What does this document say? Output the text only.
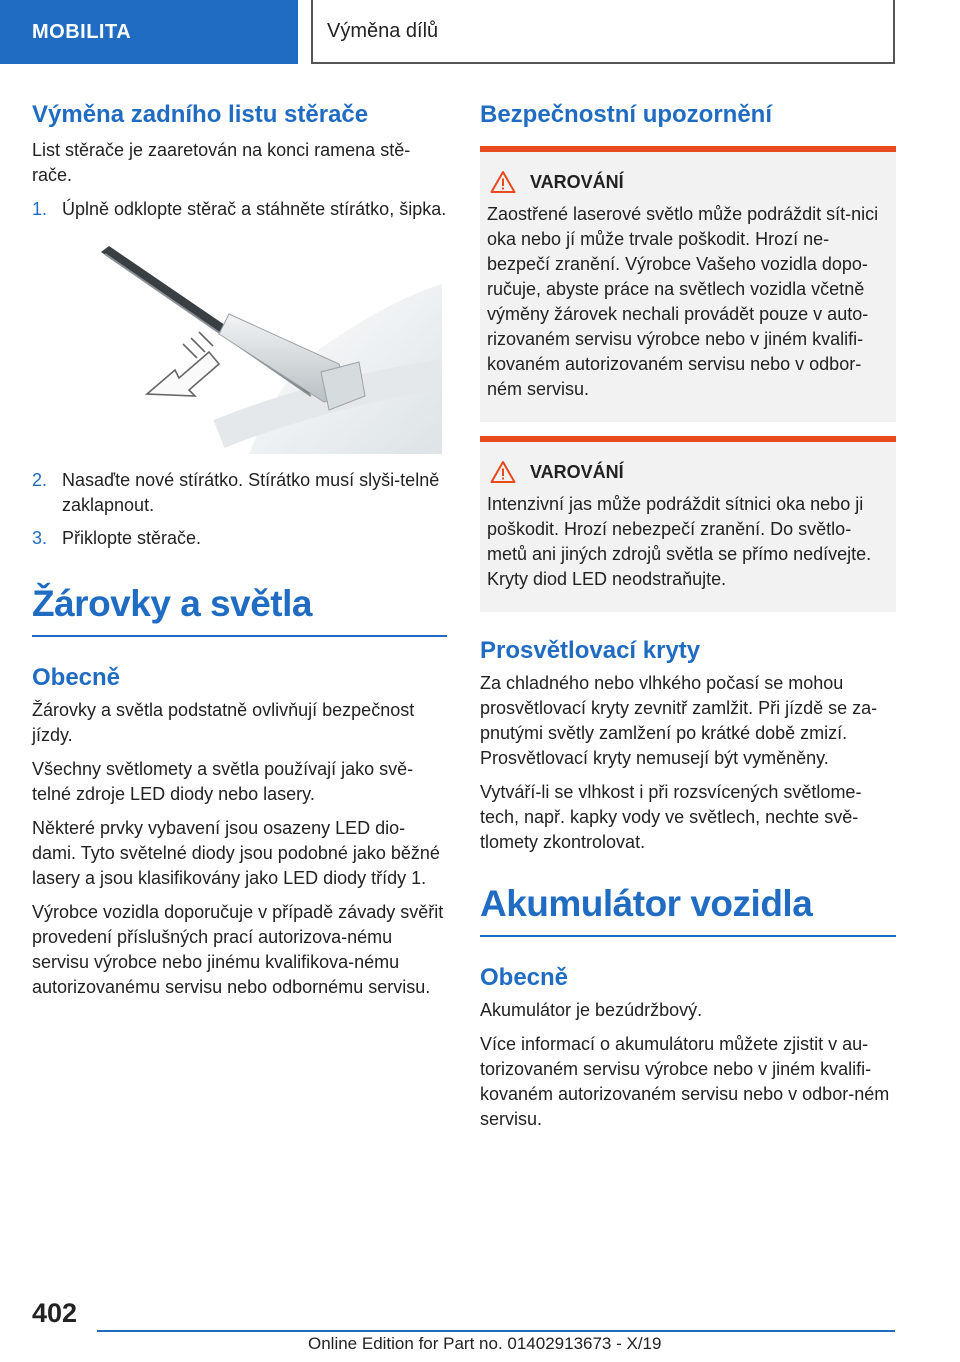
MOBILITA	Výměna dílů
Výměna zadního listu stěrače
List stěrače je zaaretován na konci ramena stě-rače.
1. Úplně odklopte stěrač a stáhněte stírátko, šipka.
2. Nasaďte nové stírátko. Stírátko musí slyši-telně zaklapnout.
3. Přiklopte stěrače.
Žárovky a světla
Obecně
Žárovky a světla podstatně ovlivňují bezpečnost jízdy.
Všechny světlomety a světla používají jako svě-telné zdroje LED diody nebo lasery.
Některé prvky vybavení jsou osazeny LED dio-dami. Tyto světelné diody jsou podobné jako běžné lasery a jsou klasifikovány jako LED diody třídy 1.
Výrobce vozidla doporučuje v případě závady svěřit provedení příslušných prací autorizova-nému servisu výrobce nebo jinému kvalifikova-nému autorizovanému servisu nebo odbornému servisu.
Bezpečnostní upozornění
VAROVÁNÍ
Zaostřené laserové světlo může podráždit sít-nici oka nebo jí může trvale poškodit. Hrozí ne-bezpečí zranění. Výrobce Vašeho vozidla dopo-ručuje, abyste práce na světlech vozidla včetně výměny žárovek nechali provádět pouze v auto-rizovaném servisu výrobce nebo v jiném kvalifi-kovaném autorizovaném servisu nebo v odbor-ném servisu.
VAROVÁNÍ
Intenzivní jas může podráždit sítnici oka nebo ji poškodit. Hrozí nebezpečí zranění. Do světlo-metů ani jiných zdrojů světla se přímo nedívejte. Kryty diod LED neodstraňujte.
Prosvětlovací kryty
Za chladného nebo vlhkého počasí se mohou prosvětlovací kryty zevnitř zamlžit. Při jízdě se za-pnutými světly zamlžení po krátké době zmizí. Prosvětlovací kryty nemusejí být vyměněny.
Vytváří-li se vlhkost i při rozsvícených světlome-tech, např. kapky vody ve světlech, nechte svě-tlomety zkontrolovat.
Akumulátor vozidla
Obecně
Akumulátor je bezúdržbový.
Více informací o akumulátoru můžete zjistit v au-torizovaném servisu výrobce nebo v jiném kvalifi-kovaném autorizovaném servisu nebo v odbor-ném servisu.
402
Online Edition for Part no. 01402913673 - X/19
